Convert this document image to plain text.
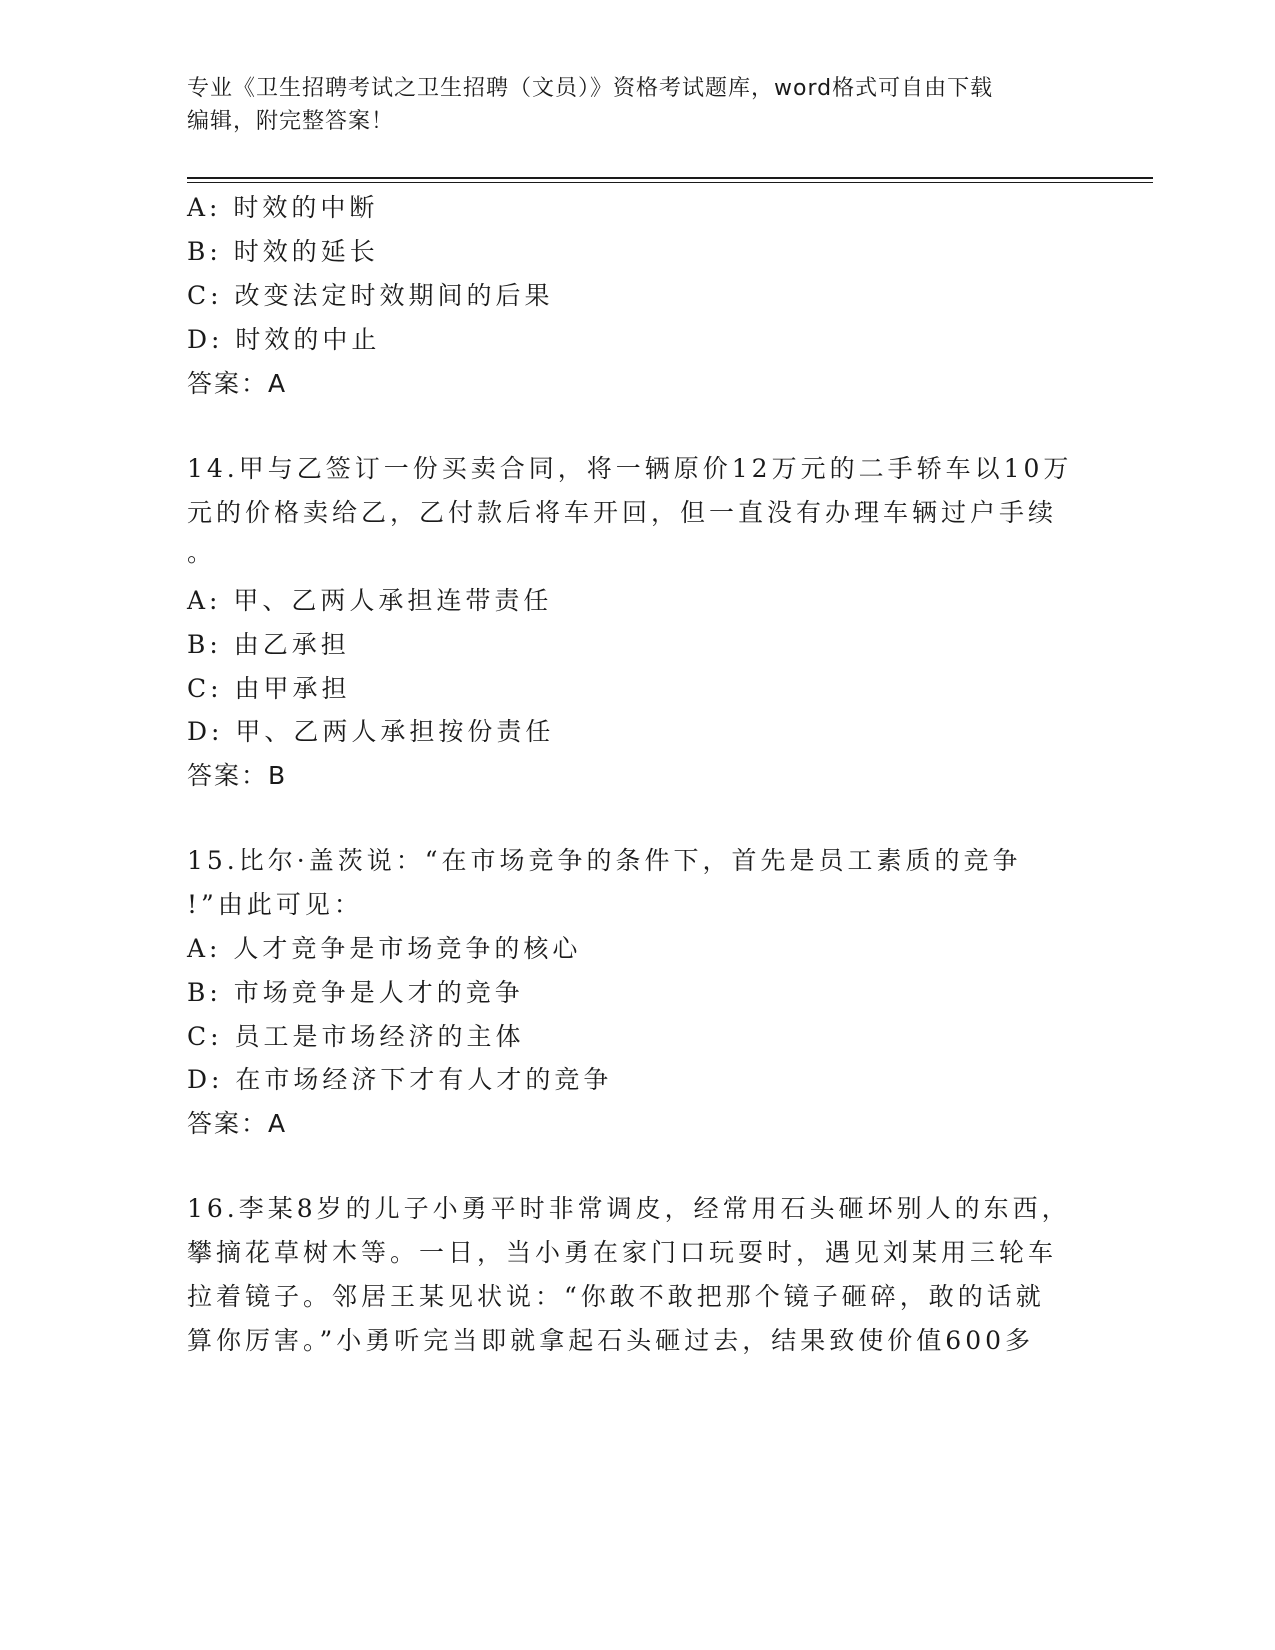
专业《卫生招聘考试之卫生招聘（文员）》资格考试题库，word格式可自由下载
编辑，附完整答案！
A: 时效的中断
B: 时效的延长
C: 改变法定时效期间的后果
D: 时效的中止
答案：A
14.甲与乙签订一份买卖合同，将一辆原价12万元的二手轿车以10万
元的价格卖给乙，乙付款后将车开回，但一直没有办理车辆过户手续
。
A: 甲、乙两人承担连带责任
B: 由乙承担
C: 由甲承担
D: 甲、乙两人承担按份责任
答案：B
15.比尔·盖茨说：“在市场竞争的条件下，首先是员工素质的竞争
!”由此可见：
A: 人才竞争是市场竞争的核心
B: 市场竞争是人才的竞争
C: 员工是市场经济的主体
D: 在市场经济下才有人才的竞争
答案：A
16.李某8岁的儿子小勇平时非常调皮，经常用石头砸坏别人的东西，
攀摘花草树木等。一日，当小勇在家门口玩耍时，遇见刘某用三轮车
拉着镜子。邻居王某见状说：“你敢不敢把那个镜子砸碎，敢的话就
算你厉害。”小勇听完当即就拿起石头砸过去，结果致使价值600多
